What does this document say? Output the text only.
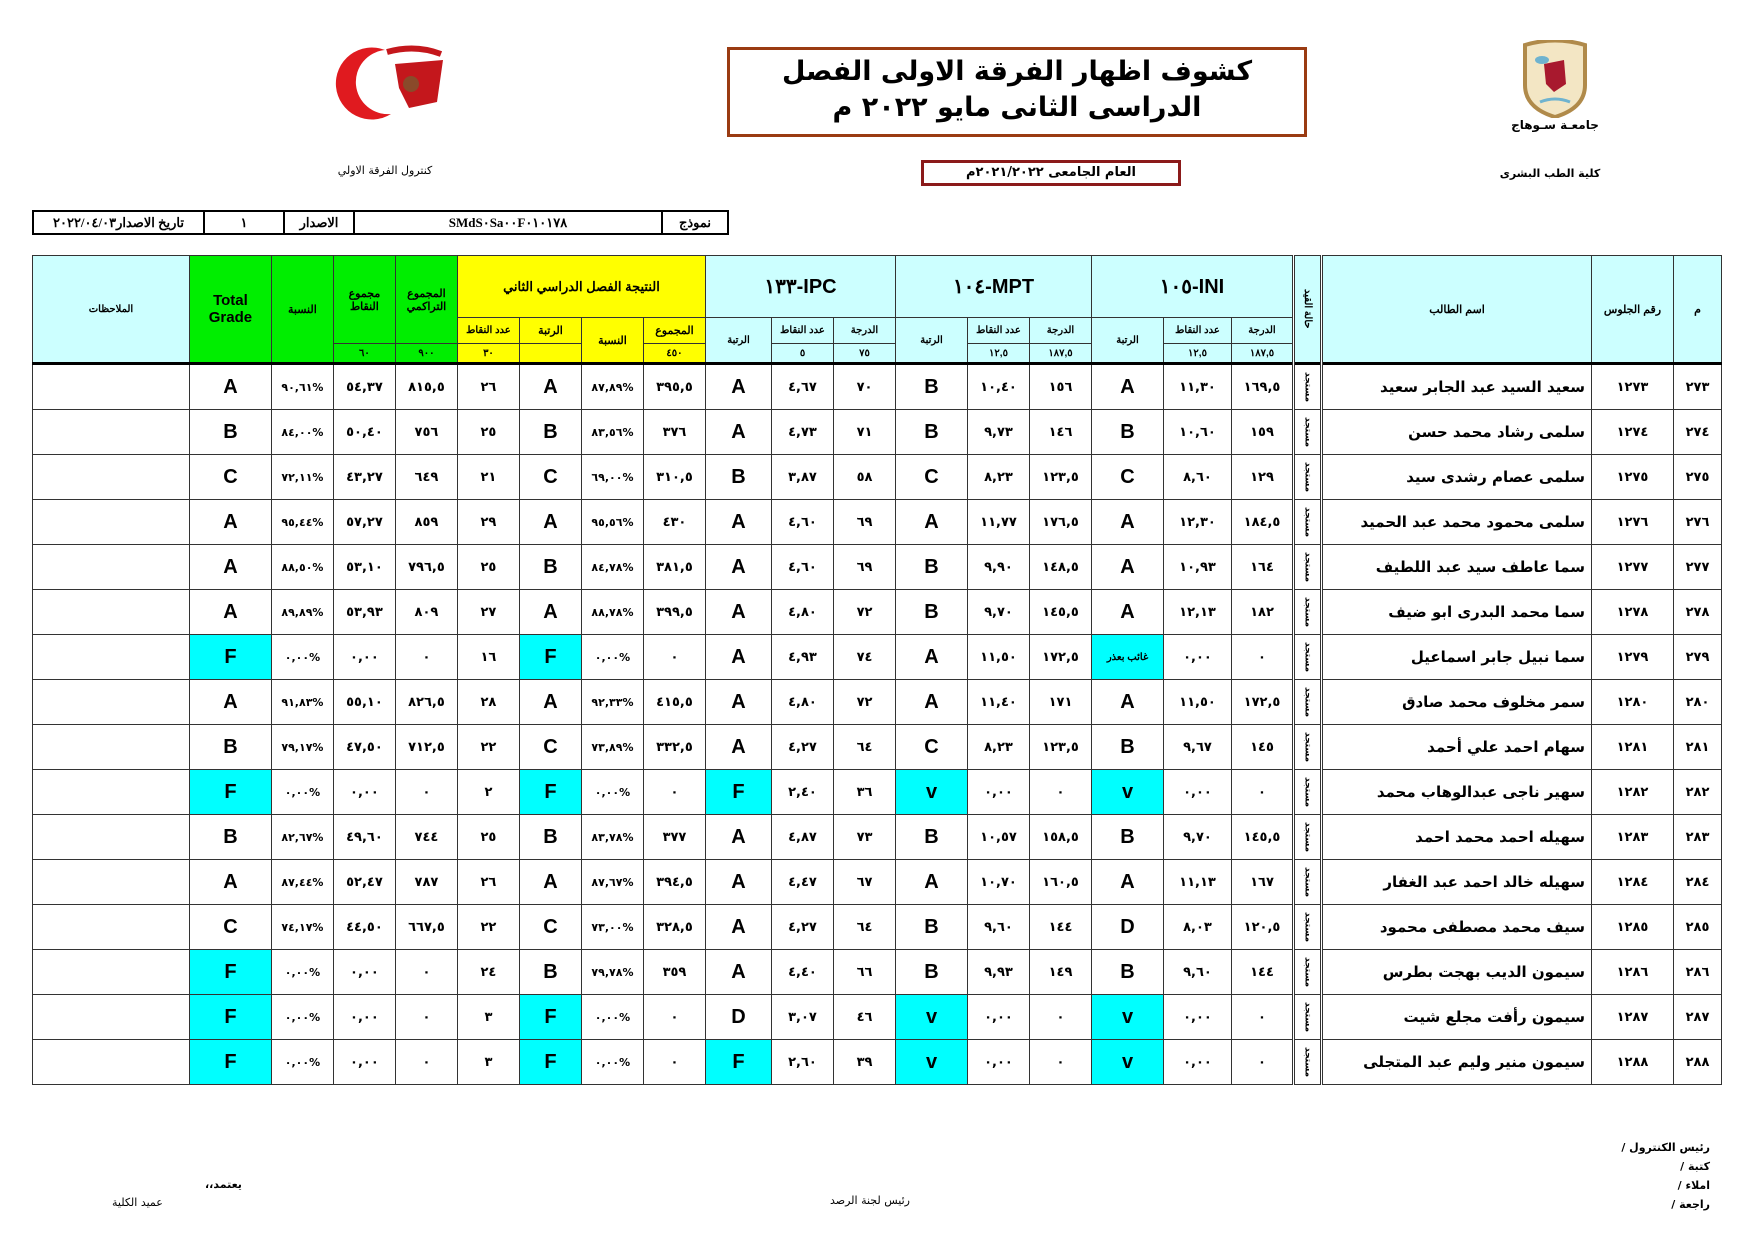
جامعـة سـوهاج
كلية الطب البشرى
كشوف اظهار الفرقة الاولى الفصل
الدراسى الثانى مايو ٢٠٢٢ م
العام الجامعى ٢٠٢١/٢٠٢٢م
كنترول الفرقة الاولي
نموذج	SMdS٠Sa٠٠F٠١٠١٧٨	الاصدار	١	تاريخ الاصدار٢٠٢٢/٠٤/٠٣
م	رقم الجلوس	اسم الطالب	حالة القيد	INI-١٠٥			MPT-١٠٤			IPC-١٣٣			النتيجة الفصل الدراسي الثاني				المجموع التراكمي	مجموع النقاط	النسبة	Total Grade	الملاحظات
				الدرجة	عدد النقاط	الرتبة	الدرجة	عدد النقاط	الرتبة	الدرجة	عدد النقاط	الرتبة	المجموع	النسبة	الرتبة	عدد النقاط					
				١٨٧,٥	١٢,٥		١٨٧,٥	١٢,٥		٧٥	٥		٤٥٠			٣٠	٩٠٠	٦٠			
٢٧٣	١٢٧٣	سعيد السيد عبد الجابر سعيد	مستجد	١٦٩,٥	١١,٣٠	A	١٥٦	١٠,٤٠	B	٧٠	٤,٦٧	A	٣٩٥,٥	%٨٧,٨٩	A	٢٦	٨١٥,٥	٥٤,٣٧	%٩٠,٦١	A	
٢٧٤	١٢٧٤	سلمى رشاد محمد حسن	مستجد	١٥٩	١٠,٦٠	B	١٤٦	٩,٧٣	B	٧١	٤,٧٣	A	٣٧٦	%٨٣,٥٦	B	٢٥	٧٥٦	٥٠,٤٠	%٨٤,٠٠	B	
٢٧٥	١٢٧٥	سلمى عصام رشدى سيد	مستجد	١٢٩	٨,٦٠	C	١٢٣,٥	٨,٢٣	C	٥٨	٣,٨٧	B	٣١٠,٥	%٦٩,٠٠	C	٢١	٦٤٩	٤٣,٢٧	%٧٢,١١	C	
٢٧٦	١٢٧٦	سلمى محمود محمد عبد الحميد	مستجد	١٨٤,٥	١٢,٣٠	A	١٧٦,٥	١١,٧٧	A	٦٩	٤,٦٠	A	٤٣٠	%٩٥,٥٦	A	٢٩	٨٥٩	٥٧,٢٧	%٩٥,٤٤	A	
٢٧٧	١٢٧٧	سما عاطف سيد عبد اللطيف	مستجد	١٦٤	١٠,٩٣	A	١٤٨,٥	٩,٩٠	B	٦٩	٤,٦٠	A	٣٨١,٥	%٨٤,٧٨	B	٢٥	٧٩٦,٥	٥٣,١٠	%٨٨,٥٠	A	
٢٧٨	١٢٧٨	سما محمد البدرى ابو ضيف	مستجد	١٨٢	١٢,١٣	A	١٤٥,٥	٩,٧٠	B	٧٢	٤,٨٠	A	٣٩٩,٥	%٨٨,٧٨	A	٢٧	٨٠٩	٥٣,٩٣	%٨٩,٨٩	A	
٢٧٩	١٢٧٩	سما نبيل جابر اسماعيل	مستجد	٠	٠,٠٠	غائب بعذر	١٧٢,٥	١١,٥٠	A	٧٤	٤,٩٣	A	٠	%٠,٠٠	F	١٦	٠	٠,٠٠	%٠,٠٠	F	
٢٨٠	١٢٨٠	سمر مخلوف محمد صادق	مستجد	١٧٢,٥	١١,٥٠	A	١٧١	١١,٤٠	A	٧٢	٤,٨٠	A	٤١٥,٥	%٩٢,٣٣	A	٢٨	٨٢٦,٥	٥٥,١٠	%٩١,٨٣	A	
٢٨١	١٢٨١	سهام احمد علي أحمد	مستجد	١٤٥	٩,٦٧	B	١٢٣,٥	٨,٢٣	C	٦٤	٤,٢٧	A	٣٣٢,٥	%٧٣,٨٩	C	٢٢	٧١٢,٥	٤٧,٥٠	%٧٩,١٧	B	
٢٨٢	١٢٨٢	سهير ناجى عبدالوهاب محمد	مستجد	٠	٠,٠٠	v	٠	٠,٠٠	v	٣٦	٢,٤٠	F	٠	%٠,٠٠	F	٢	٠	٠,٠٠	%٠,٠٠	F	
٢٨٣	١٢٨٣	سهيله احمد محمد احمد	مستجد	١٤٥,٥	٩,٧٠	B	١٥٨,٥	١٠,٥٧	B	٧٣	٤,٨٧	A	٣٧٧	%٨٣,٧٨	B	٢٥	٧٤٤	٤٩,٦٠	%٨٢,٦٧	B	
٢٨٤	١٢٨٤	سهيله خالد احمد عبد الغفار	مستجد	١٦٧	١١,١٣	A	١٦٠,٥	١٠,٧٠	A	٦٧	٤,٤٧	A	٣٩٤,٥	%٨٧,٦٧	A	٢٦	٧٨٧	٥٢,٤٧	%٨٧,٤٤	A	
٢٨٥	١٢٨٥	سيف محمد مصطفى محمود	مستجد	١٢٠,٥	٨,٠٣	D	١٤٤	٩,٦٠	B	٦٤	٤,٢٧	A	٣٢٨,٥	%٧٣,٠٠	C	٢٢	٦٦٧,٥	٤٤,٥٠	%٧٤,١٧	C	
٢٨٦	١٢٨٦	سيمون الديب بهجت بطرس	مستجد	١٤٤	٩,٦٠	B	١٤٩	٩,٩٣	B	٦٦	٤,٤٠	A	٣٥٩	%٧٩,٧٨	B	٢٤	٠	٠,٠٠	%٠,٠٠	F	
٢٨٧	١٢٨٧	سيمون رأفت مجلع شيت	مستجد	٠	٠,٠٠	v	٠	٠,٠٠	v	٤٦	٣,٠٧	D	٠	%٠,٠٠	F	٣	٠	٠,٠٠	%٠,٠٠	F	
٢٨٨	١٢٨٨	سيمون منير وليم عبد المتجلى	مستجد	٠	٠,٠٠	v	٠	٠,٠٠	v	٣٩	٢,٦٠	F	٠	%٠,٠٠	F	٣	٠	٠,٠٠	%٠,٠٠	F	
رئيس الكنترول /
كتبة /
املاء /
راجعة /
رئيس لجنة الرصد
يعتمد،،
عميد الكلية
